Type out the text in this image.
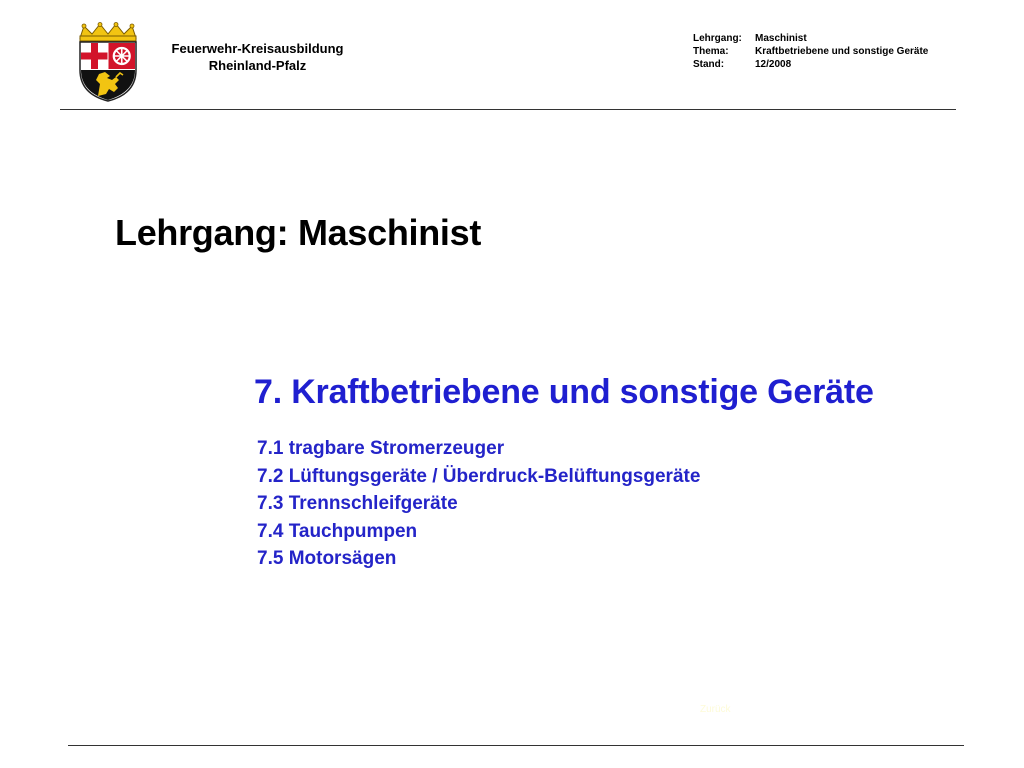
Feuerwehr-Kreisausbildung
Rheinland-Pfalz
Lehrgang:	Maschinist
Thema:	Kraftbetriebene und sonstige Geräte
Stand:	12/2008
Lehrgang: Maschinist
7. Kraftbetriebene und sonstige Geräte
7.1 tragbare Stromerzeuger
7.2 Lüftungsgeräte / Überdruck-Belüftungsgeräte
7.3 Trennschleifgeräte
7.4 Tauchpumpen
7.5 Motorsägen
Zurück
